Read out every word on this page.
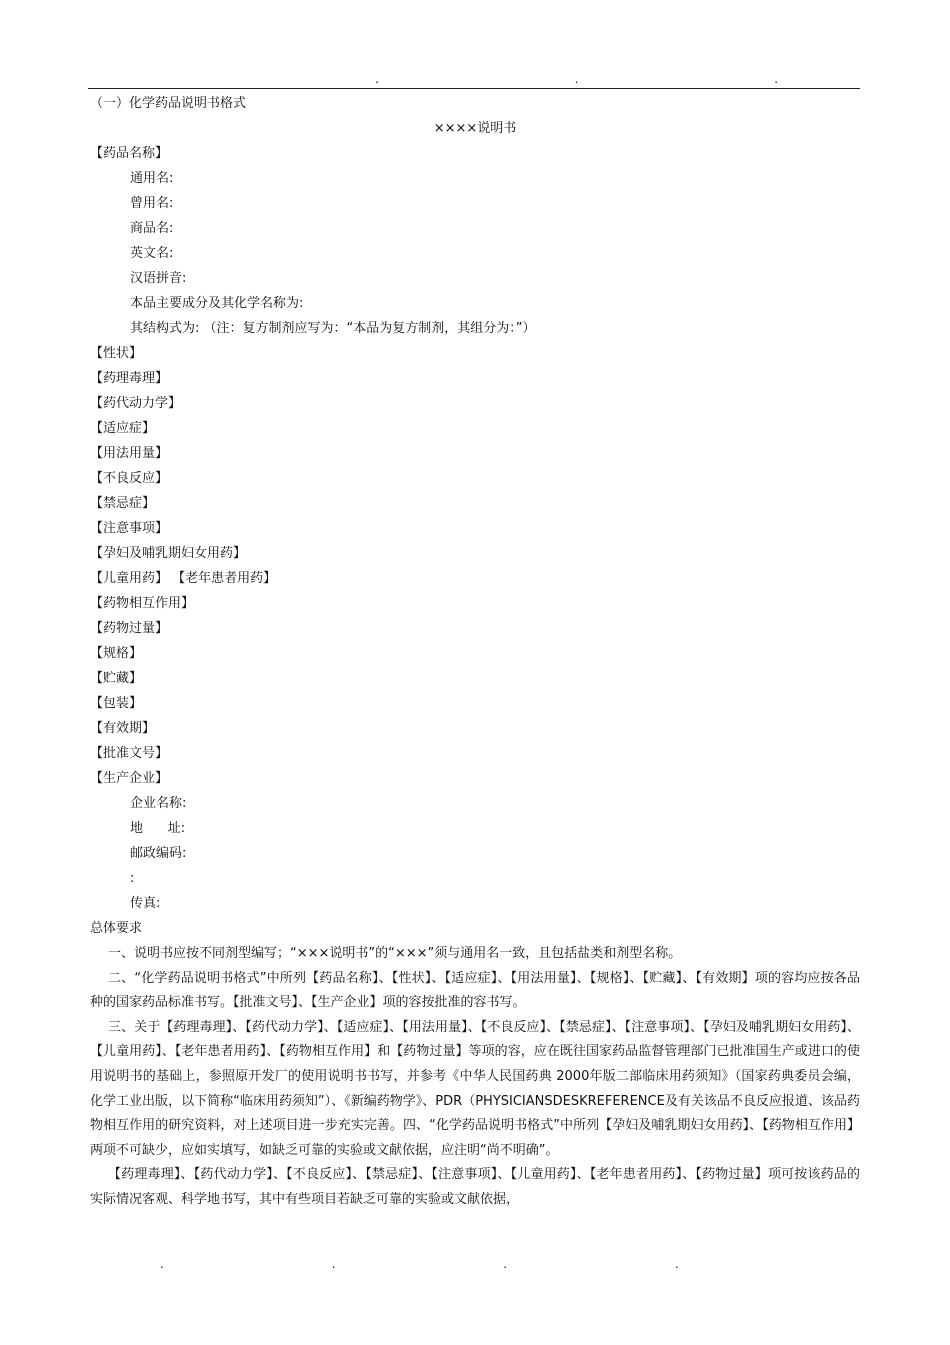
. . .
（一）化学药品说明书格式
××××说明书
【药品名称】
通用名:
曾用名:
商品名:
英文名:
汉语拼音:
本品主要成分及其化学名称为:
其结构式为: （注：复方制剂应写为：“本品为复方制剂，其组分为：”）
【性状】
【药理毒理】
【药代动力学】
【适应症】
【用法用量】
【不良反应】
【禁忌症】
【注意事项】
【孕妇及哺乳期妇女用药】
【儿童用药】 【老年患者用药】
【药物相互作用】
【药物过量】
【规格】
【贮藏】
【包装】
【有效期】
【批准文号】
【生产企业】
企业名称:
地      址:
邮政编码:
:
传真:
总体要求

一、说明书应按不同剂型编写；“×××说明书”的“×××”须与通用名一致，且包括盐类和剂型名称。

二、“化学药品说明书格式”中所列【药品名称】、【性状】、【适应症】、【用法用量】、【规格】、【贮藏】、【有效期】项的容均应按各品种的国家药品标准书写。【批准文号】、【生产企业】项的容按批准的容书写。

三、关于【药理毒理】、【药代动力学】、【适应症】、【用法用量】、【不良反应】、【禁忌症】、【注意事项】、【孕妇及哺乳期妇女用药】、【儿童用药】、【老年患者用药】、【药物相互作用】和【药物过量】等项的容，应在既往国家药品监督管理部门已批准国生产或进口的使用说明书的基础上，参照原开发厂的使用说明书书写，并参考《中华人民国药典 2000年版二部临床用药须知》（国家药典委员会编，化学工业出版，以下简称“临床用药须知”）、《新编药物学》、PDR（PHYSICIANSDESKREFERENCE及有关该品不良反应报道、该品药物相互作用的研究资料，对上述项目进一步充实完善。四、“化学药品说明书格式”中所列【孕妇及哺乳期妇女用药】、【药物相互作用】两项不可缺少，应如实填写，如缺乏可靠的实验或文献依据，应注明“尚不明确”。

【药理毒理】、【药代动力学】、【不良反应】、【禁忌症】、【注意事项】、【儿童用药】、【老年患者用药】、【药物过量】项可按该药品的实际情况客观、科学地书写，其中有些项目若缺乏可靠的实验或文献依据，

. . . .
